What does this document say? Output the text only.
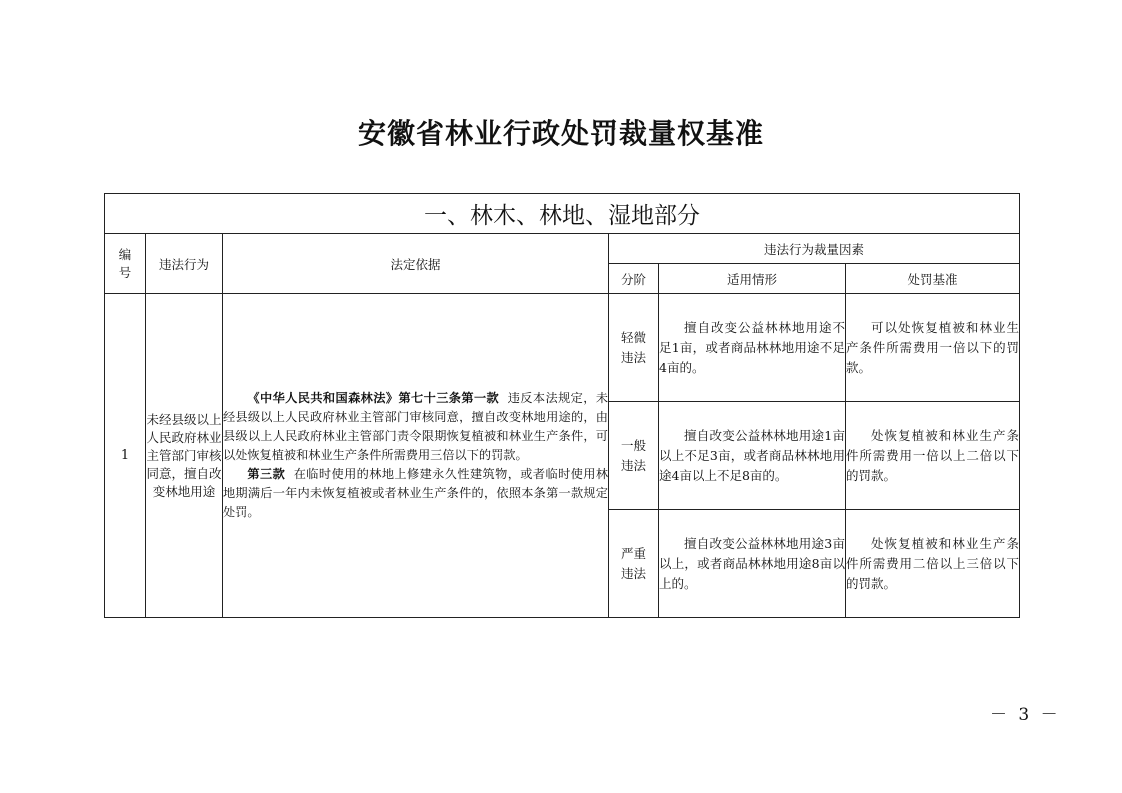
安徽省林业行政处罚裁量权基准
一、林木、林地、湿地部分					

编号	违法行为	法定依据	违法行为裁量因素		
			分阶	适用情形	处罚基准
1	未经县级以上人民政府林业主管部门审核同意，擅自改变林地用途	《中华人民共和国森林法》第七十三条第一款 违反本法规定，未经县级以上人民政府林业主管部门审核同意，擅自改变林地用途的，由县级以上人民政府林业主管部门责令限期恢复植被和林业生产条件，可以处恢复植被和林业生产条件所需费用三倍以下的罚款。

第三款 在临时使用的林地上修建永久性建筑物，或者临时使用林地期满后一年内未恢复植被或者林业生产条件的，依照本条第一款规定处罚。	轻微违法	擅自改变公益林林地用途不足1亩，或者商品林林地用途不足4亩的。	可以处恢复植被和林业生产条件所需费用一倍以下的罚款。

			一般违法	擅自改变公益林林地用途1亩以上不足3亩，或者商品林林地用途4亩以上不足8亩的。	处恢复植被和林业生产条件所需费用一倍以上二倍以下的罚款。

			严重违法	擅自改变公益林林地用途3亩以上，或者商品林林地用途8亩以上的。	处恢复植被和林业生产条件所需费用二倍以上三倍以下的罚款。
－ 3 －
